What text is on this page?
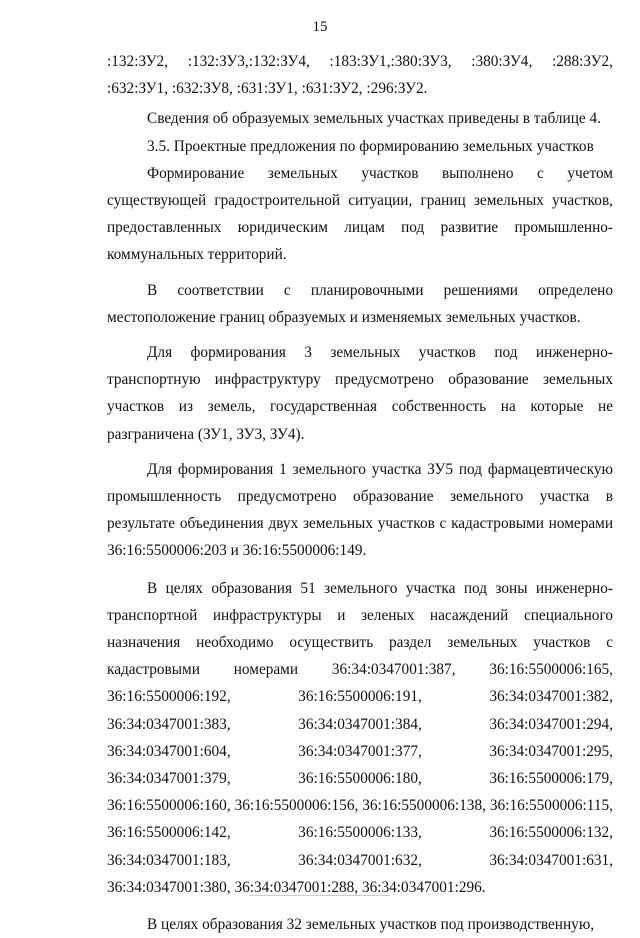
15

:132:ЗУ2, :132:ЗУ3,:132:ЗУ4, :183:ЗУ1,:380:ЗУ3, :380:ЗУ4, :288:ЗУ2, :632:ЗУ1, :632:ЗУ8, :631:ЗУ1, :631:ЗУ2, :296:ЗУ2.

Сведения об образуемых земельных участках приведены в таблице 4.

3.5. Проектные предложения по формированию земельных участков

Формирование земельных участков выполнено с учетом существующей градостроительной ситуации, границ земельных участков, предоставленных юридическим лицам под развитие промышленно-коммунальных территорий.

В соответствии с планировочными решениями определено местоположение границ образуемых и изменяемых земельных участков.

Для формирования 3 земельных участков под инженерно-транспортную инфраструктуру предусмотрено образование земельных участков из земель, государственная собственность на которые не разграничена (ЗУ1, ЗУ3, ЗУ4).

Для формирования 1 земельного участка ЗУ5 под фармацевтическую промышленность предусмотрено образование земельного участка в результате объединения двух земельных участков с кадастровыми номерами 36:16:5500006:203 и 36:16:5500006:149.

В целях образования 51 земельного участка под зоны инженерно-транспортной инфраструктуры и зеленых насаждений специального назначения необходимо осуществить раздел земельных участков с кадастровыми номерами 36:34:0347001:387, 36:16:5500006:165, 36:16:5500006:192, 36:16:5500006:191, 36:34:0347001:382, 36:34:0347001:383, 36:34:0347001:384, 36:34:0347001:294, 36:34:0347001:604, 36:34:0347001:377, 36:34:0347001:295, 36:34:0347001:379, 36:16:5500006:180, 36:16:5500006:179, 36:16:5500006:160, 36:16:5500006:156, 36:16:5500006:138, 36:16:5500006:115, 36:16:5500006:142, 36:16:5500006:133, 36:16:5500006:132, 36:34:0347001:183, 36:34:0347001:632, 36:34:0347001:631, 36:34:0347001:380, 36:34:0347001:288, 36:34:0347001:296.

В целях образования 32 земельных участков под производственную,
